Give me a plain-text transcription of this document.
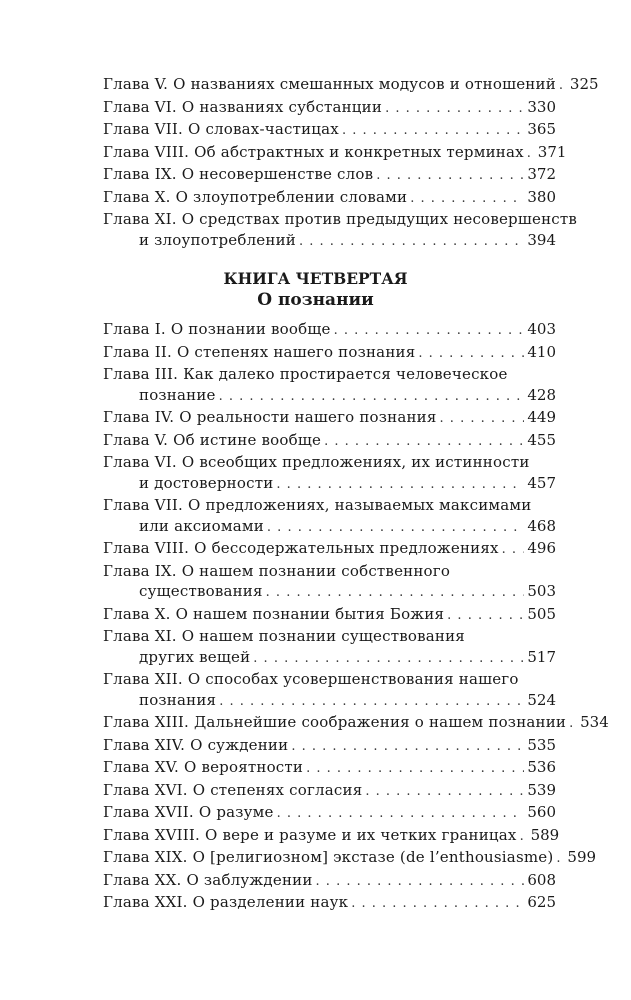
Глава V. О названиях смешанных модусов и отношений . . . 325
Глава VI. О названиях субстанции . . .	330
Глава VII. О словах-частицах . . .	365
Глава VIII. Об абстрактных и конкретных терминах . . . 371
Глава IX. О несовершенстве слов . . .	372
Глава X. О злоупотреблении словами . . .	380
Глава XI. О средствах против предыдущих несовершенств
и злоупотреблений . . .	394
КНИГА ЧЕТВЕРТАЯ
О познании
Глава I. О познании вообще . . .	403
Глава II. О степенях нашего познания . . .	410
Глава III. Как далеко простирается человеческое
познание . . .	428
Глава IV. О реальности нашего познания . . .	449
Глава V. Об истине вообще . . .	455
Глава VI. О всеобщих предложениях, их истинности
и достоверности . . .	457
Глава VII. О предложениях, называемых максимами
или аксиомами . . .	468
Глава VIII. О бессодержательных предложениях . . . 496
Глава IX. О нашем познании собственного
существования . . .	503
Глава X. О нашем познании бытия Божия . . .	505
Глава XI. О нашем познании существования
других вещей . . .	517
Глава XII. О способах усовершенствования нашего
познания . . .	524
Глава XIII. Дальнейшие соображения о нашем познании . . . 534
Глава XIV. О суждении . . .	535
Глава XV. О вероятности . . .	536
Глава XVI. О степенях согласия . . .	539
Глава XVII. О разуме . . .	560
Глава XVIII. О вере и разуме и их четких границах . . . 589
Глава XIX. О [религиозном] экстазе (de l’enthousiasme) . . . 599
Глава XX. О заблуждении . . .	608
Глава XXI. О разделении наук . . .	625
